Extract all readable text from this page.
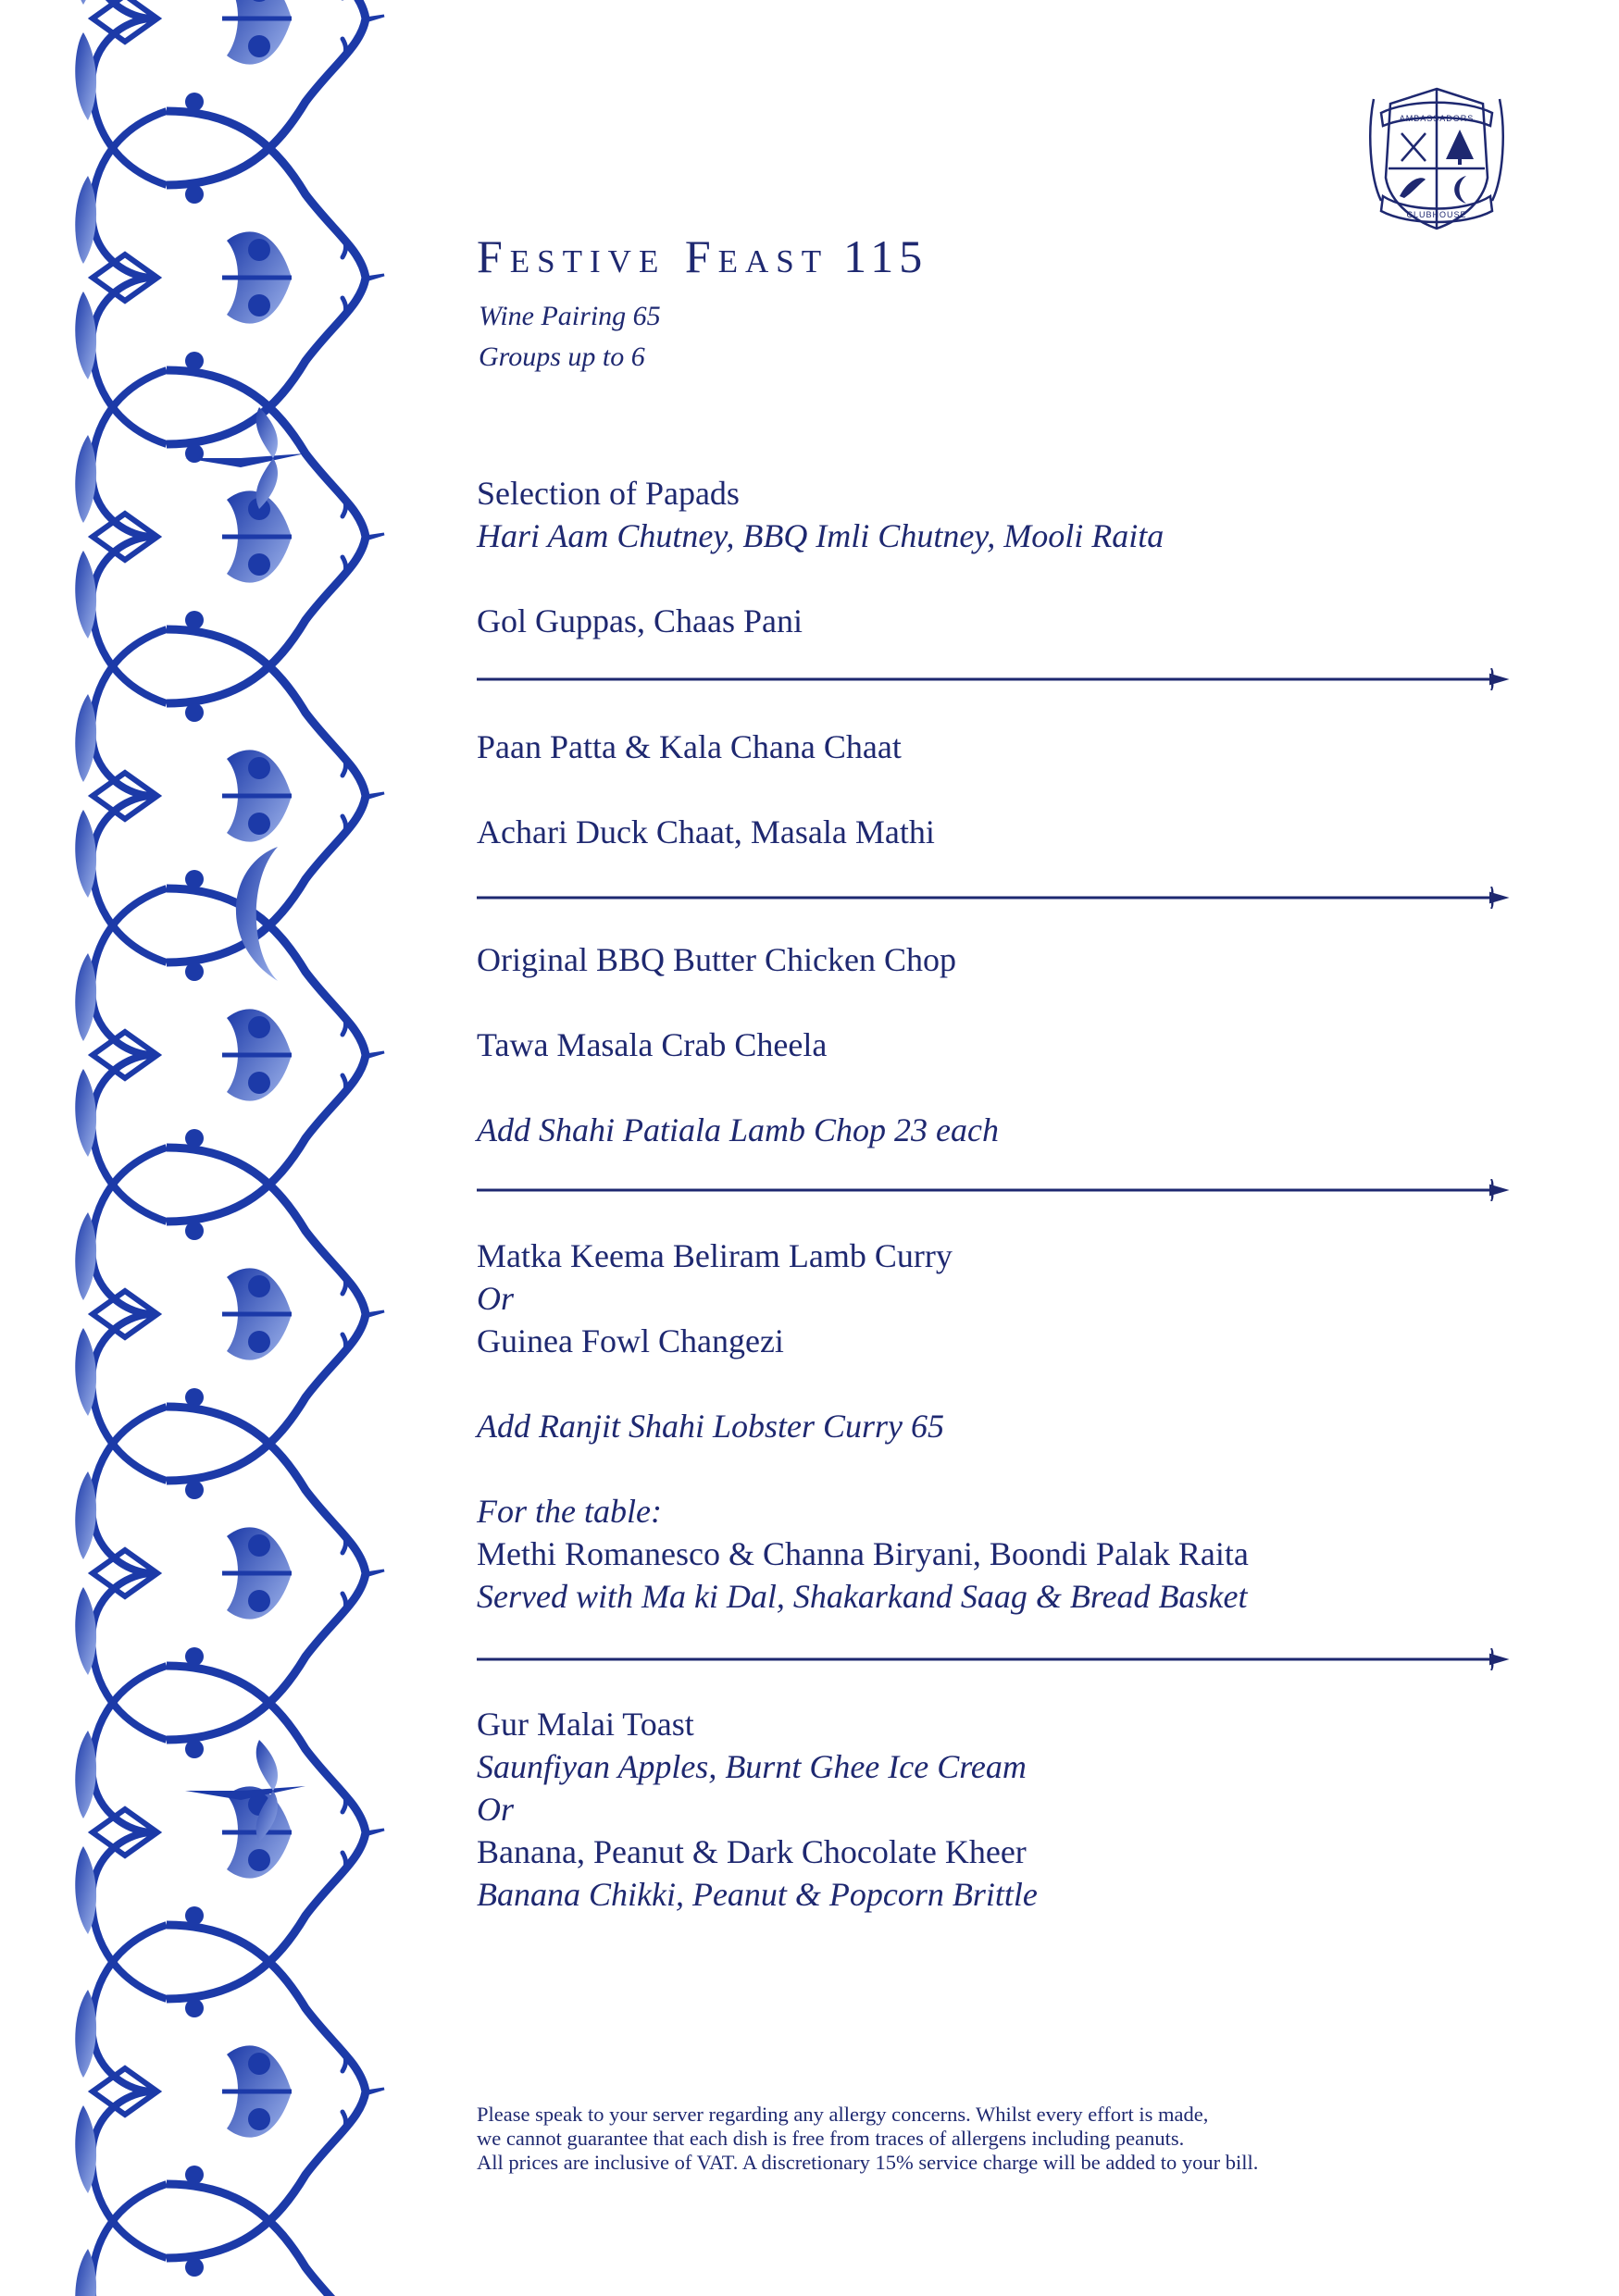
AMBASSADORS
CLUBHOUSE
Festive Feast 115
Wine Pairing 65
Groups up to 6
Selection of Papads
Hari Aam Chutney, BBQ Imli Chutney, Mooli Raita
Gol Guppas, Chaas Pani
Paan Patta & Kala Chana Chaat
Achari Duck Chaat, Masala Mathi
Original BBQ Butter Chicken Chop
Tawa Masala Crab Cheela
Add Shahi Patiala Lamb Chop 23 each
Matka Keema Beliram Lamb Curry
Or
Guinea Fowl Changezi
Add Ranjit Shahi Lobster Curry 65
For the table:
Methi Romanesco & Channa Biryani, Boondi Palak Raita
Served with Ma ki Dal, Shakarkand Saag & Bread Basket
Gur Malai Toast
Saunfiyan Apples, Burnt Ghee Ice Cream
Or
Banana, Peanut & Dark Chocolate Kheer
Banana Chikki, Peanut & Popcorn Brittle
Please speak to your server regarding any allergy concerns. Whilst every effort is made,
we cannot guarantee that each dish is free from traces of allergens including peanuts.
All prices are inclusive of VAT. A discretionary 15% service charge will be added to your bill.
